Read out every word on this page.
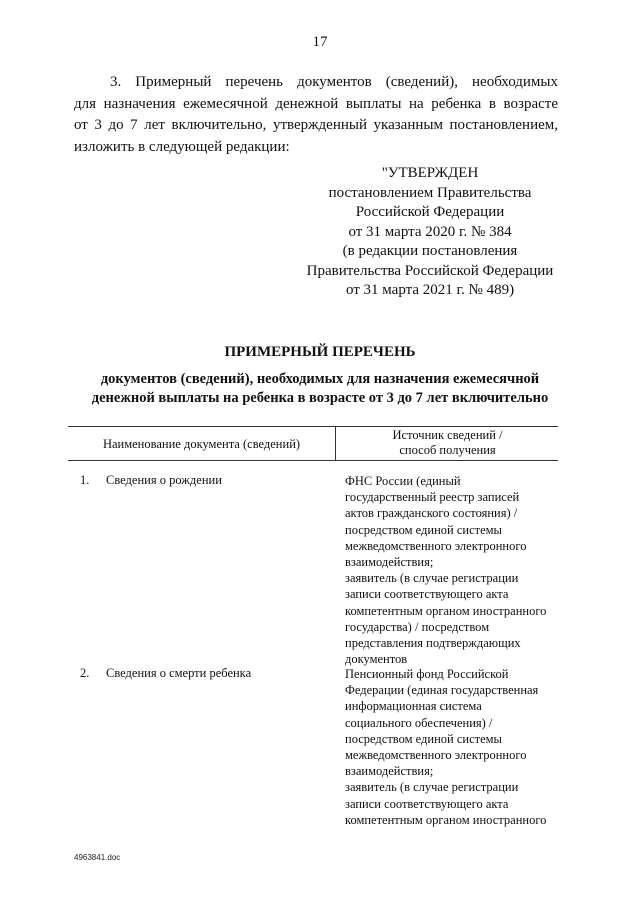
17
3. Примерный перечень документов (сведений), необходимых
для назначения ежемесячной денежной выплаты на ребенка в возрасте
от 3 до 7 лет включительно, утвержденный указанным постановлением,
изложить в следующей редакции:
"УТВЕРЖДЕН
постановлением Правительства
Российской Федерации
от 31 марта 2020 г. № 384
(в редакции постановления
Правительства Российской Федерации
от 31 марта 2021 г. № 489)
ПРИМЕРНЫЙ ПЕРЕЧЕНЬ
документов (сведений), необходимых для назначения ежемесячной
денежной выплаты на ребенка в возрасте от 3 до 7 лет включительно
Наименование документа (сведений)
Источник сведений /
способ получения
1. Сведения о рождении	ФНС России (единый
государственный реестр записей
актов гражданского состояния) /
посредством единой системы
межведомственного электронного
взаимодействия;
заявитель (в случае регистрации
записи соответствующего акта
компетентным органом иностранного
государства) / посредством
представления подтверждающих
документов
2. Сведения о смерти ребенка	Пенсионный фонд Российской
Федерации (единая государственная
информационная система
социального обеспечения) /
посредством единой системы
межведомственного электронного
взаимодействия;
заявитель (в случае регистрации
записи соответствующего акта
компетентным органом иностранного
4963841.doc
